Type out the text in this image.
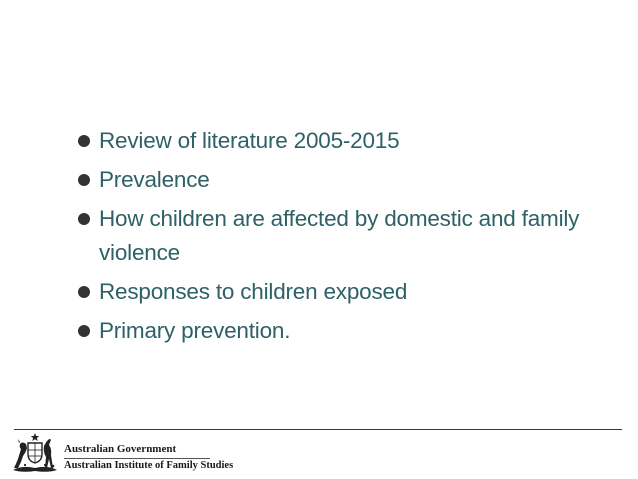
Review of literature 2005-2015
Prevalence
How children are affected by domestic and family violence
Responses to children exposed
Primary prevention.
Australian Government
Australian Institute of Family Studies
